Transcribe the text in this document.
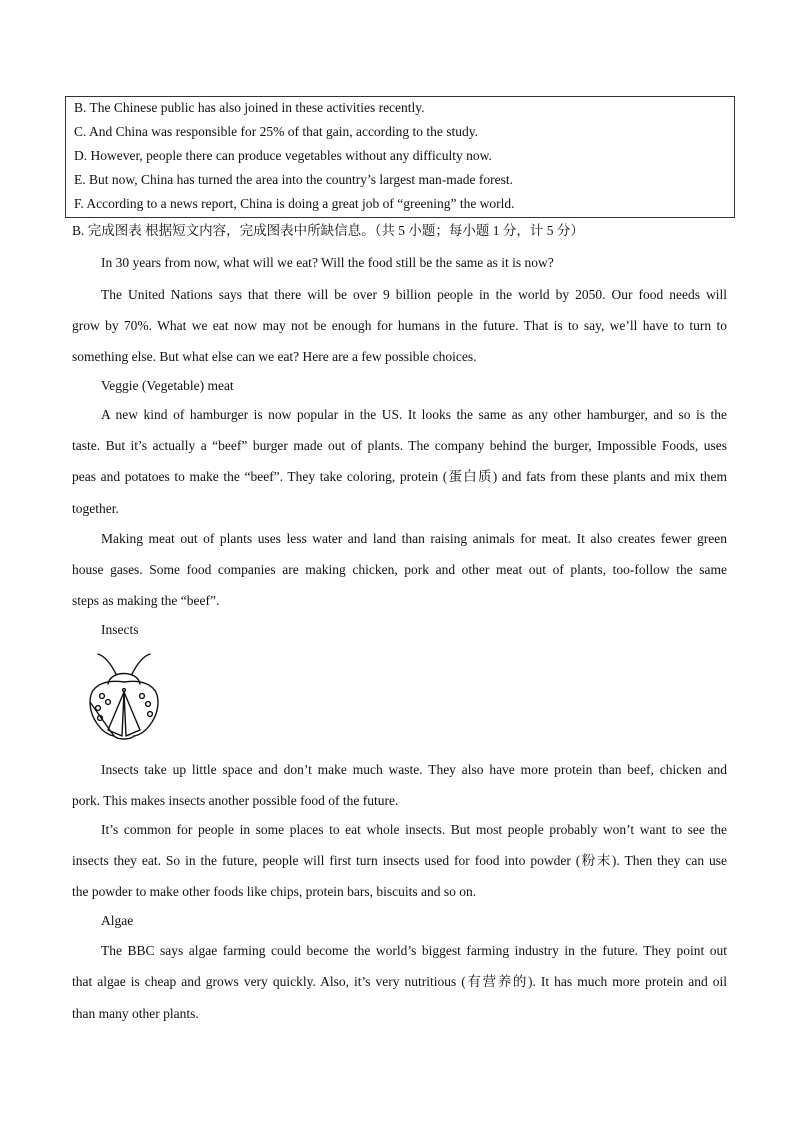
B. The Chinese public has also joined in these activities recently.
C. And China was responsible for 25% of that gain, according to the study.
D. However, people there can produce vegetables without any difficulty now.
E. But now, China has turned the area into the country’s largest man-made forest.
F. According to a news report, China is doing a great job of “greening” the world.
B. 完成图表 根据短文内容，完成图表中所缺信息。（共 5 小题；每小题 1 分，计 5 分）
In 30 years from now, what will we eat? Will the food still be the same as it is now?
The United Nations says that there will be over 9 billion people in the world by 2050. Our food needs will
grow by 70%. What we eat now may not be enough for humans in the future. That is to say, we’ll have to turn to
something else. But what else can we eat? Here are a few possible choices.
Veggie (Vegetable) meat
A new kind of hamburger is now popular in the US. It looks the same as any other hamburger, and so is the
taste. But it’s actually a “beef” burger made out of plants. The company behind the burger, Impossible Foods, uses
peas and potatoes to make the “beef”. They take coloring, protein (蛋白质) and fats from these plants and mix them
together.
Making meat out of plants uses less water and land than raising animals for meat. It also creates fewer green
house gases. Some food companies are making chicken, pork and other meat out of plants, too-follow the same
steps as making the “beef”.
Insects
Insects take up little space and don’t make much waste. They also have more protein than beef, chicken and
pork. This makes insects another possible food of the future.
It’s common for people in some places to eat whole insects. But most people probably won’t want to see the
insects they eat. So in the future, people will first turn insects used for food into powder (粉末). Then they can use
the powder to make other foods like chips, protein bars, biscuits and so on.
Algae
The BBC says algae farming could become the world’s biggest farming industry in the future. They point out
that algae is cheap and grows very quickly. Also, it’s very nutritious (有营养的). It has much more protein and oil
than many other plants.
